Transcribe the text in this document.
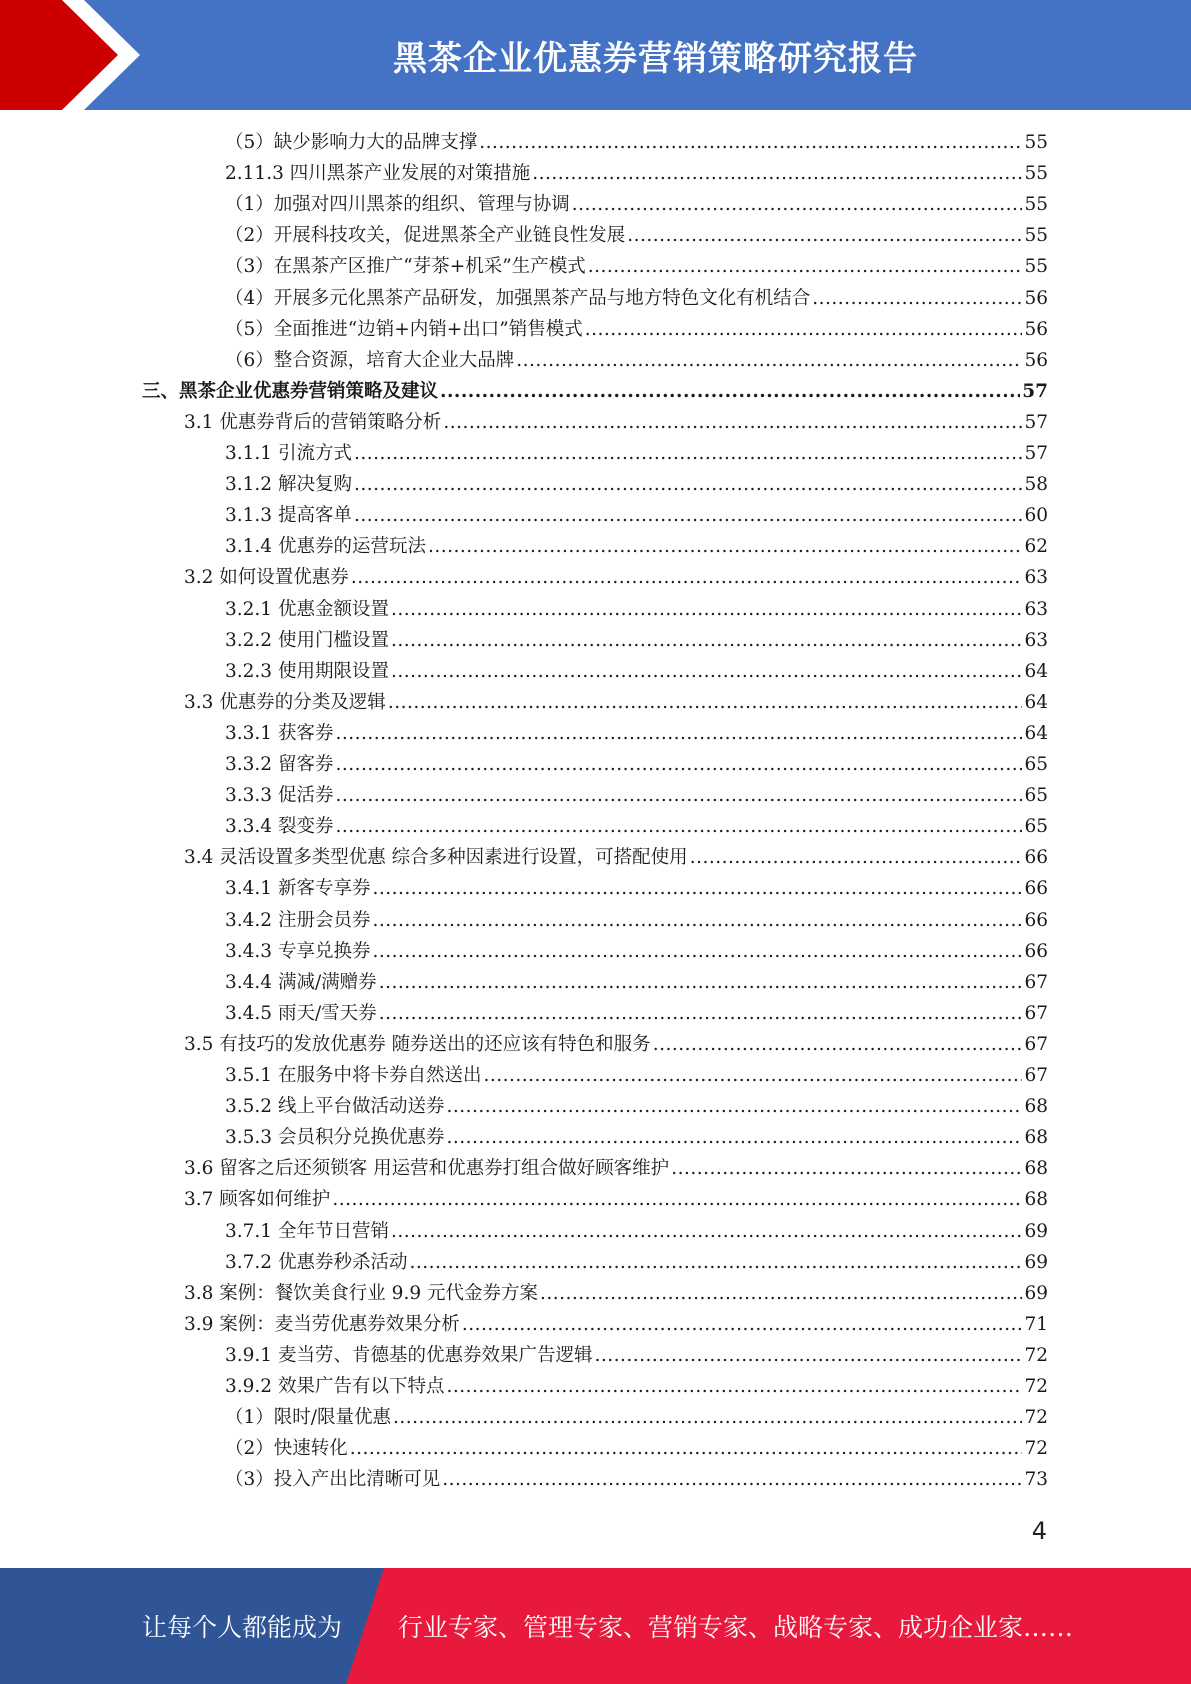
黑茶企业优惠券营销策略研究报告
（5）缺少影响力大的品牌支撑 .....	55
2.11.3 四川黑茶产业发展的对策措施 .....	55
（1）加强对四川黑茶的组织、管理与协调 .....	55
（2）开展科技攻关，促进黑茶全产业链良性发展 .....	55
（3）在黑茶产区推广“芽茶+机采”生产模式 .....	55
（4）开展多元化黑茶产品研发，加强黑茶产品与地方特色文化有机结合 .....	56
（5）全面推进“边销+内销+出口”销售模式 .....	56
（6）整合资源，培育大企业大品牌 .....	56
三、黑茶企业优惠券营销策略及建议 .....	57
3.1 优惠券背后的营销策略分析 .....	57
3.1.1 引流方式 .....	57
3.1.2 解决复购 .....	58
3.1.3 提高客单 .....	60
3.1.4 优惠券的运营玩法 .....	62
3.2 如何设置优惠券 .....	63
3.2.1 优惠金额设置 .....	63
3.2.2 使用门槛设置 .....	63
3.2.3 使用期限设置 .....	64
3.3 优惠券的分类及逻辑 .....	64
3.3.1 获客券 .....	64
3.3.2 留客券 .....	65
3.3.3 促活券 .....	65
3.3.4 裂变券 .....	65
3.4 灵活设置多类型优惠 综合多种因素进行设置，可搭配使用 .....	66
3.4.1 新客专享券 .....	66
3.4.2 注册会员券 .....	66
3.4.3 专享兑换券 .....	66
3.4.4 满减/满赠券 .....	67
3.4.5 雨天/雪天券 .....	67
3.5 有技巧的发放优惠券 随券送出的还应该有特色和服务 .....	67
3.5.1 在服务中将卡券自然送出 .....	67
3.5.2 线上平台做活动送券 .....	68
3.5.3 会员积分兑换优惠券 .....	68
3.6 留客之后还须锁客 用运营和优惠券打组合做好顾客维护 .....	68
3.7 顾客如何维护 .....	68
3.7.1 全年节日营销 .....	69
3.7.2 优惠券秒杀活动 .....	69
3.8 案例：餐饮美食行业 9.9 元代金券方案 .....	69
3.9 案例：麦当劳优惠券效果分析 .....	71
3.9.1 麦当劳、肯德基的优惠券效果广告逻辑 .....	72
3.9.2 效果广告有以下特点 .....	72
（1）限时/限量优惠 .....	72
（2）快速转化 .....	72
（3）投入产出比清晰可见 .....	73
4
让每个人都能成为 行业专家、管理专家、营销专家、战略专家、成功企业家……
